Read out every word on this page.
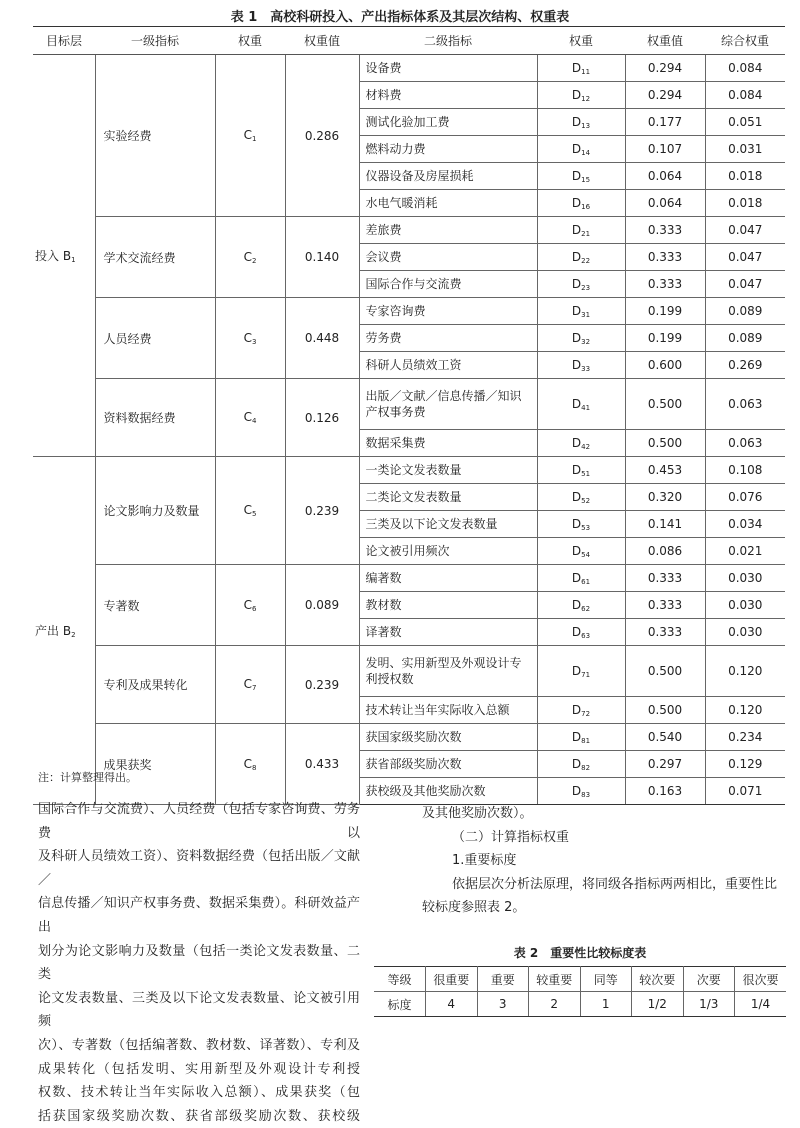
表 1　高校科研投入、产出指标体系及其层次结构、权重表
目标层	一级指标	权重	权重值	二级指标	权重	权重值	综合权重
投入 $B_1$	实验经费	$C_1$	0.286	设备费	$D_{11}$	0.294	0.084
				材料费	$D_{12}$	0.294	0.084
				测试化验加工费	$D_{13}$	0.177	0.051
				燃料动力费	$D_{14}$	0.107	0.031
				仪器设备及房屋损耗	$D_{15}$	0.064	0.018
				水电气暖消耗	$D_{16}$	0.064	0.018
	学术交流经费	$C_2$	0.140	差旅费	$D_{21}$	0.333	0.047
				会议费	$D_{22}$	0.333	0.047
				国际合作与交流费	$D_{23}$	0.333	0.047
	人员经费	$C_3$	0.448	专家咨询费	$D_{31}$	0.199	0.089
				劳务费	$D_{32}$	0.199	0.089
				科研人员绩效工资	$D_{33}$	0.600	0.269
	资料数据经费	$C_4$	0.126	出版／文献／信息传播／知识产权事务费	$D_{41}$	0.500	0.063
				数据采集费	$D_{42}$	0.500	0.063
产出 $B_2$	论文影响力及数量	$C_5$	0.239	一类论文发表数量	$D_{51}$	0.453	0.108
				二类论文发表数量	$D_{52}$	0.320	0.076
				三类及以下论文发表数量	$D_{53}$	0.141	0.034
				论文被引用频次	$D_{54}$	0.086	0.021
	专著数	$C_6$	0.089	编著数	$D_{61}$	0.333	0.030
				教材数	$D_{62}$	0.333	0.030
				译著数	$D_{63}$	0.333	0.030
	专利及成果转化	$C_7$	0.239	发明、实用新型及外观设计专利授权数	$D_{71}$	0.500	0.120
				技术转让当年实际收入总额	$D_{72}$	0.500	0.120
	成果获奖	$C_8$	0.433	获国家级奖励次数	$D_{81}$	0.540	0.234
				获省部级奖励次数	$D_{82}$	0.297	0.129
				获校级及其他奖励次数	$D_{83}$	0.163	0.071
注：计算整理得出。

国际合作与交流费）、人员经费（包括专家咨询费、劳务费以

及科研人员绩效工资）、资料数据经费（包括出版／文献／

信息传播／知识产权事务费、数据采集费）。科研效益产出

划分为论文影响力及数量（包括一类论文发表数量、二类

论文发表数量、三类及以下论文发表数量、论文被引用频

次）、专著数（包括编著数、教材数、译著数）、专利及

成果转化（包括发明、实用新型及外观设计专利授

权数、技术转让当年实际收入总额）、成果获奖（包

括获国家级奖励次数、获省部级奖励次数、获校级

及其他奖励次数）。

（二）计算指标权重

1.重要标度

依据层次分析法原理，将同级各指标两两相比，重要性比较标度参照表 2。

表 2　重要性比较标度表
等级	很重要	重要	较重要	同等	较次要	次要	很次要
标度	4	3	2	1	1/2	1/3	1/4
